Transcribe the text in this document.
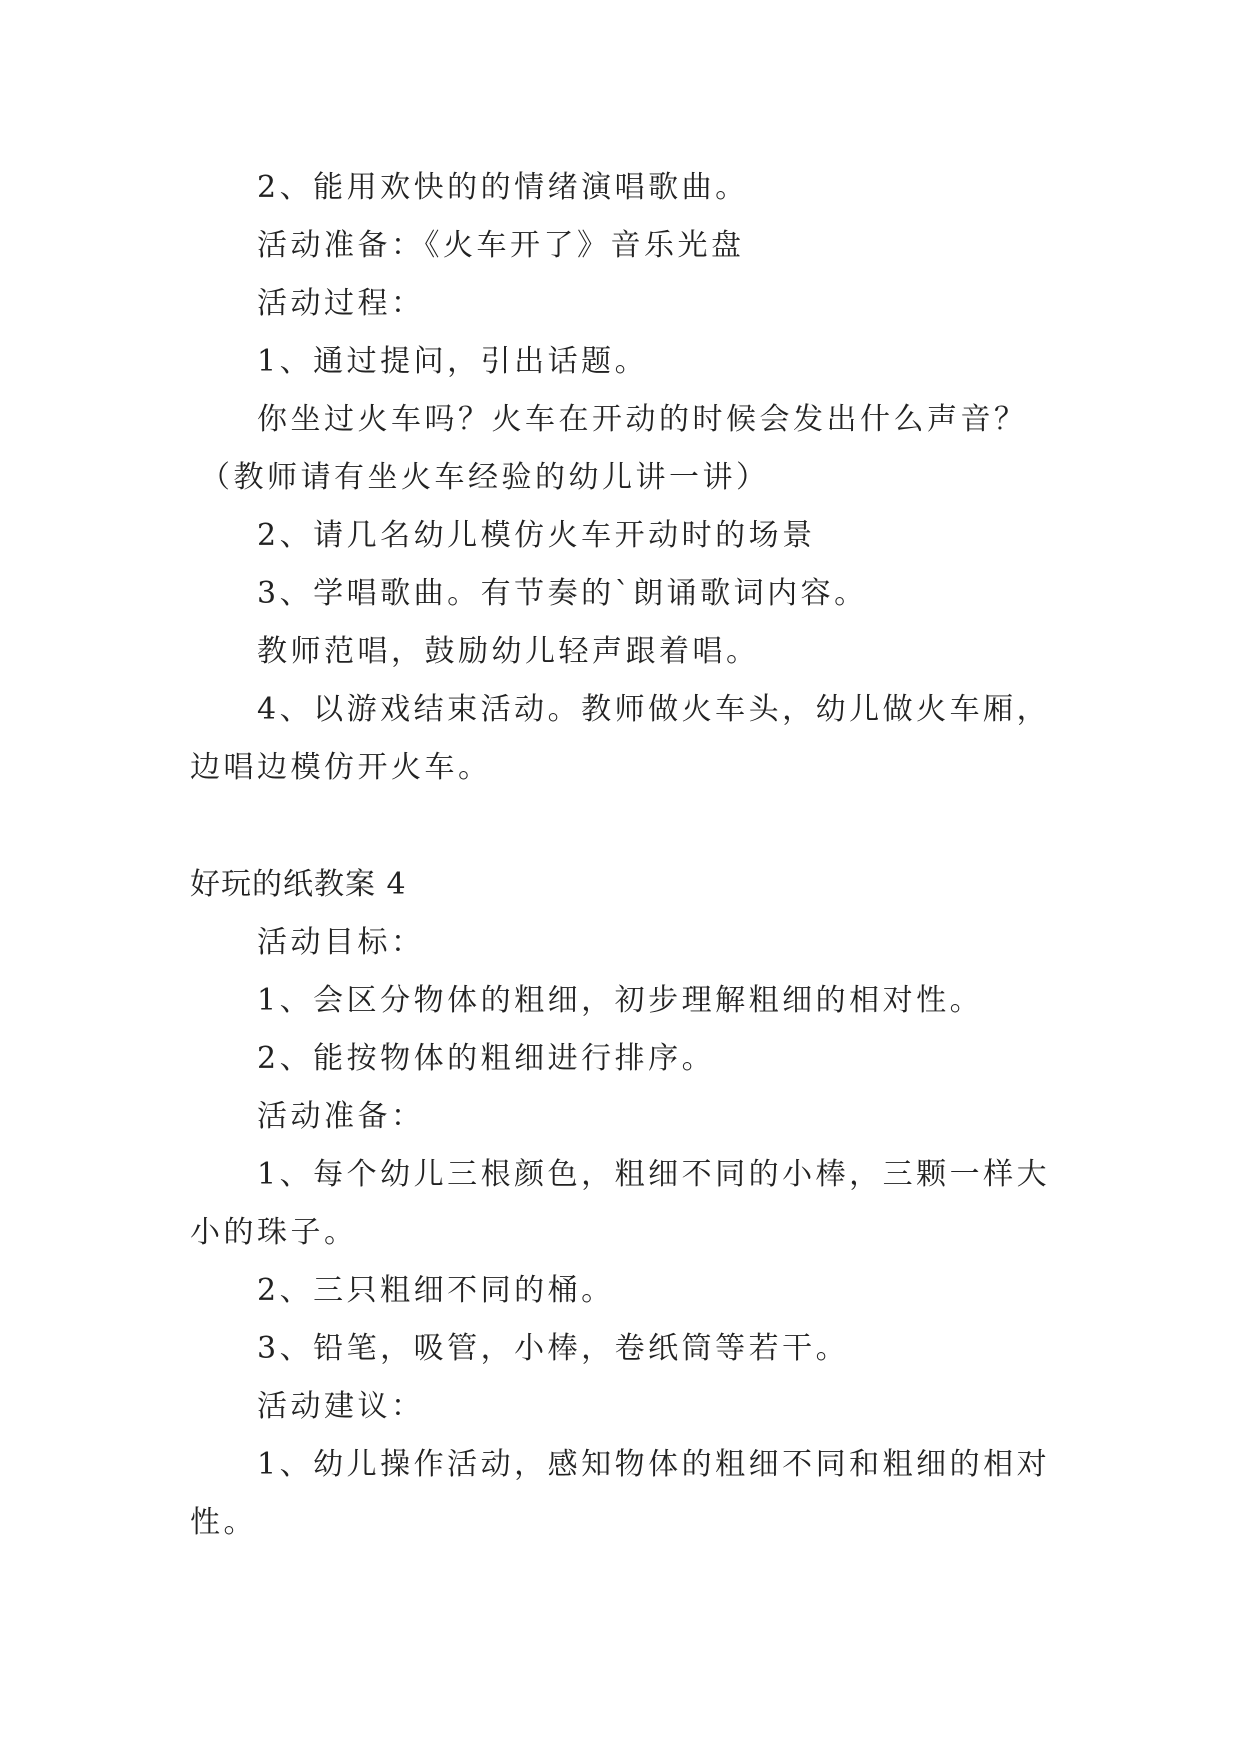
2、能用欢快的的情绪演唱歌曲。

活动准备：《火车开了》音乐光盘

活动过程：

1、通过提问，引出话题。

你坐过火车吗？火车在开动的时候会发出什么声音？

（教师请有坐火车经验的幼儿讲一讲）

2、请几名幼儿模仿火车开动时的场景

3、学唱歌曲。有节奏的`朗诵歌词内容。

教师范唱，鼓励幼儿轻声跟着唱。

4、以游戏结束活动。教师做火车头，幼儿做火车厢，

边唱边模仿开火车。

好玩的纸教案 4

活动目标：

1、会区分物体的粗细，初步理解粗细的相对性。

2、能按物体的粗细进行排序。

活动准备：

1、每个幼儿三根颜色，粗细不同的小棒，三颗一样大

小的珠子。

2、三只粗细不同的桶。

3、铅笔，吸管，小棒，卷纸筒等若干。

活动建议：

1、幼儿操作活动，感知物体的粗细不同和粗细的相对

性。
